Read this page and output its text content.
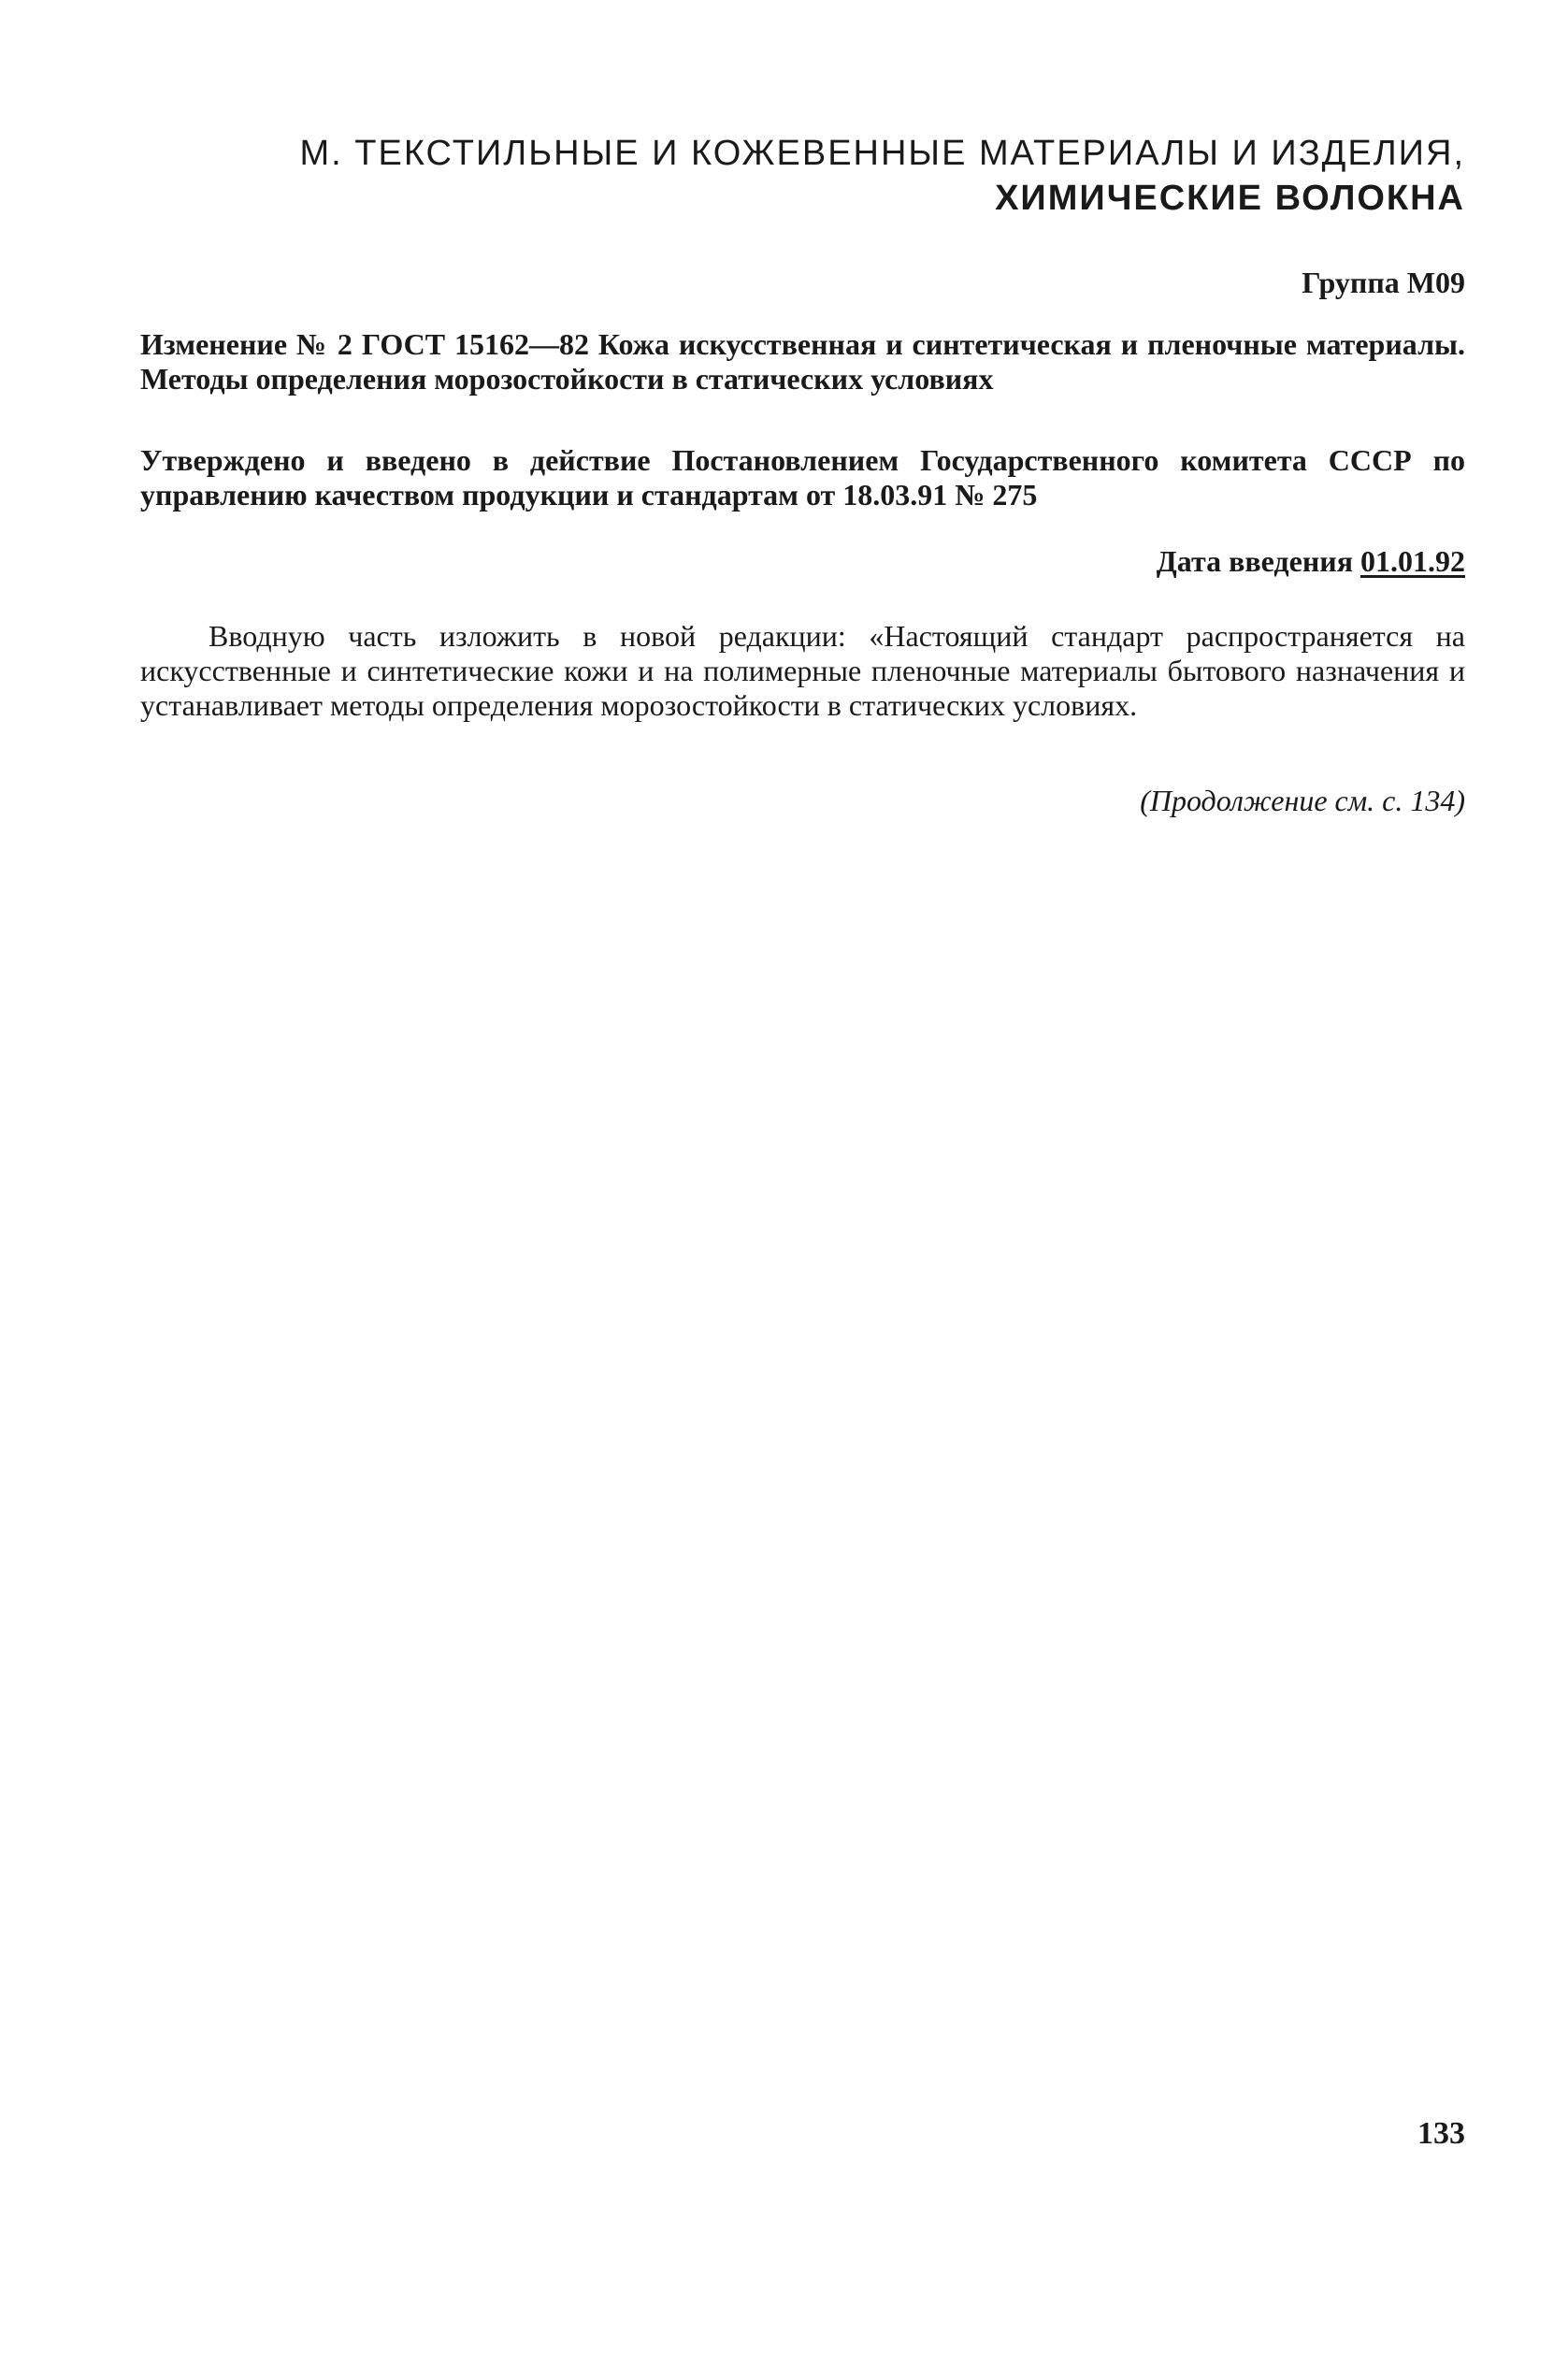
М. ТЕКСТИЛЬНЫЕ И КОЖЕВЕННЫЕ МАТЕРИАЛЫ И ИЗДЕЛИЯ,
ХИМИЧЕСКИЕ ВОЛОКНА
Группа М09

Изменение № 2 ГОСТ 15162—82 Кожа искусственная и синтетическая и пленочные материалы. Методы определения морозостойкости в статических условиях

Утверждено и введено в действие Постановлением Государственного комитета СССР по управлению качеством продукции и стандартам от 18.03.91 № 275

Дата введения 01.01.92

Вводную часть изложить в новой редакции: «Настоящий стандарт распространяется на искусственные и синтетические кожи и на полимерные пленочные материалы бытового назначения и устанавливает методы определения морозостойкости в статических условиях.

(Продолжение см. с. 134)
133
